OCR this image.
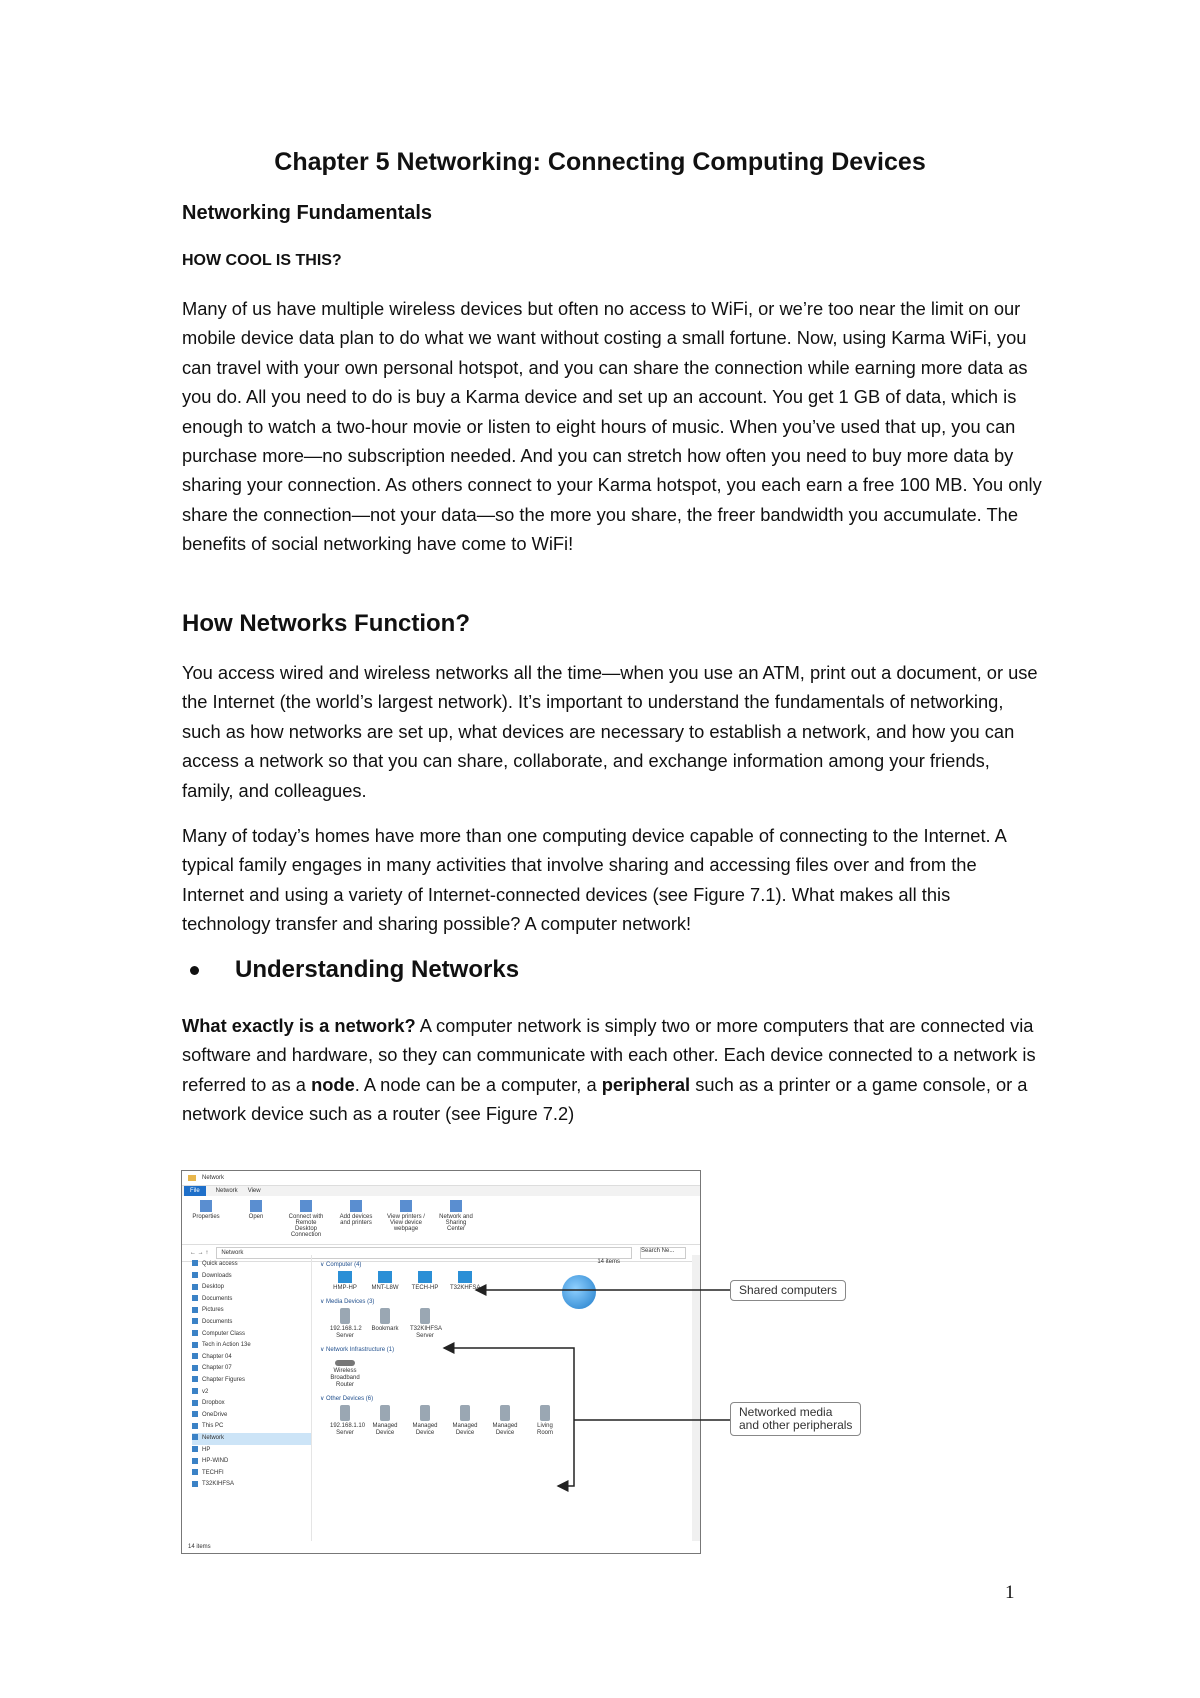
Chapter 5 Networking: Connecting Computing Devices
Networking Fundamentals
HOW COOL IS THIS?

Many of us have multiple wireless devices but often no access to WiFi, or we’re too near the limit on our mobile device data plan to do what we want without costing a small fortune. Now, using Karma WiFi, you can travel with your own personal hotspot, and you can share the connection while earning more data as you do. All you need to do is buy a Karma device and set up an account. You get 1 GB of data, which is enough to watch a two-hour movie or listen to eight hours of music. When you’ve used that up, you can purchase more—no subscription needed. And you can stretch how often you need to buy more data by sharing your connection. As others connect to your Karma hotspot, you each earn a free 100 MB. You only share the connection—not your data—so the more you share, the freer bandwidth you accumulate. The benefits of social networking have come to WiFi!

How Networks Function?

You access wired and wireless networks all the time—when you use an ATM, print out a document, or use the Internet (the world’s largest network). It’s important to understand the fundamentals of networking, such as how networks are set up, what devices are necessary to establish a network, and how you can access a network so that you can share, collaborate, and exchange information among your friends, family, and colleagues.

Many of today’s homes have more than one computing device capable of connecting to the Internet. A typical family engages in many activities that involve sharing and accessing files over and from the Internet and using a variety of Internet-connected devices (see Figure 7.1). What makes all this technology transfer and sharing possible? A computer network!

Understanding Networks

What exactly is a network? A computer network is simply two or more computers that are connected via software and hardware, so they can communicate with each other. Each device connected to a network is referred to as a node. A node can be a computer, a peripheral such as a printer or a game console, or a network device such as a router (see Figure 7.2)

Network
File	Network View
Properties	Open	Connect with Remote Desktop Connection
Add devices and printers
View printers / View device webpage
Network and Sharing Center
← → ↑	Network	Search Ne...
Quick access
Downloads
Desktop
Documents
Pictures
Documents
Computer Class
Tech in Action 13e
Chapter 04
Chapter 07
Chapter Figures
v2
Dropbox
OneDrive
This PC
Network
HP
HP-WIND
TECHFI
T32KIHFSA
14 items
∨ Computer (4)
HMP-HP	MNT-L8W TECH-HP T32KHFSA
∨ Media Devices (3)
192.168.1.2 Server
Bookmark T32KIHFSA Server
∨ Network Infrastructure (1)
Wireless Broadband Router
∨ Other Devices (6)
192.168.1.10 Server
Managed Device
Managed Device
Managed Device
Managed Device
Living Room
14 items
Shared computers
Networked media
and other peripherals
1
